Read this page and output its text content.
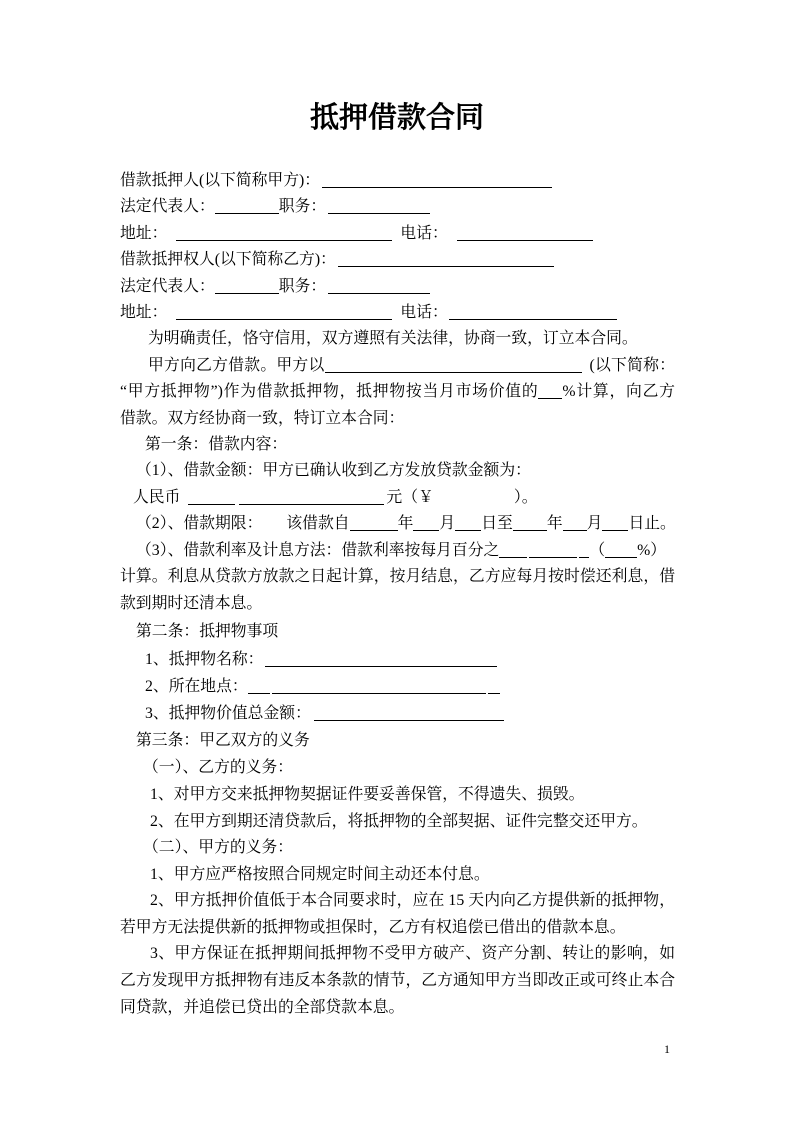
抵押借款合同
借款抵押人(以下简称甲方)：
法定代表人：	职务：
地址：	电话：
借款抵押权人(以下简称乙方)：
法定代表人：	职务：
地址：	电话：
为明确责任，恪守信用，双方遵照有关法律，协商一致，订立本合同。
甲方向乙方借款。甲方以	(以下简称：
“甲方抵押物”)作为借款抵押物，抵押物按当月市场价值的 %计算，向乙方
借款。双方经协商一致，特订立本合同：
第一条：借款内容：
（1）、借款金额：甲方已确认收到乙方发放贷款金额为：
人民币	元（￥	）。
（2）、借款期限： 该借款自	年 月 日至 年 月 日止。
（3）、借款利率及计息方法：借款利率按每月百分之	（ %）
计算。利息从贷款方放款之日起计算，按月结息，乙方应每月按时偿还利息，借
款到期时还清本息。
第二条：抵押物事项
1、抵押物名称：
2、所在地点：
3、抵押物价值总金额：
第三条：甲乙双方的义务
（一）、乙方的义务：
1、对甲方交来抵押物契据证件要妥善保管，不得遗失、损毁。
2、在甲方到期还清贷款后，将抵押物的全部契据、证件完整交还甲方。
（二）、甲方的义务：
1、甲方应严格按照合同规定时间主动还本付息。
2、甲方抵押价值低于本合同要求时，应在 15 天内向乙方提供新的抵押物，
若甲方无法提供新的抵押物或担保时，乙方有权追偿已借出的借款本息。
3、甲方保证在抵押期间抵押物不受甲方破产、资产分割、转让的影响，如
乙方发现甲方抵押物有违反本条款的情节，乙方通知甲方当即改正或可终止本合
同贷款，并追偿已贷出的全部贷款本息。
1
